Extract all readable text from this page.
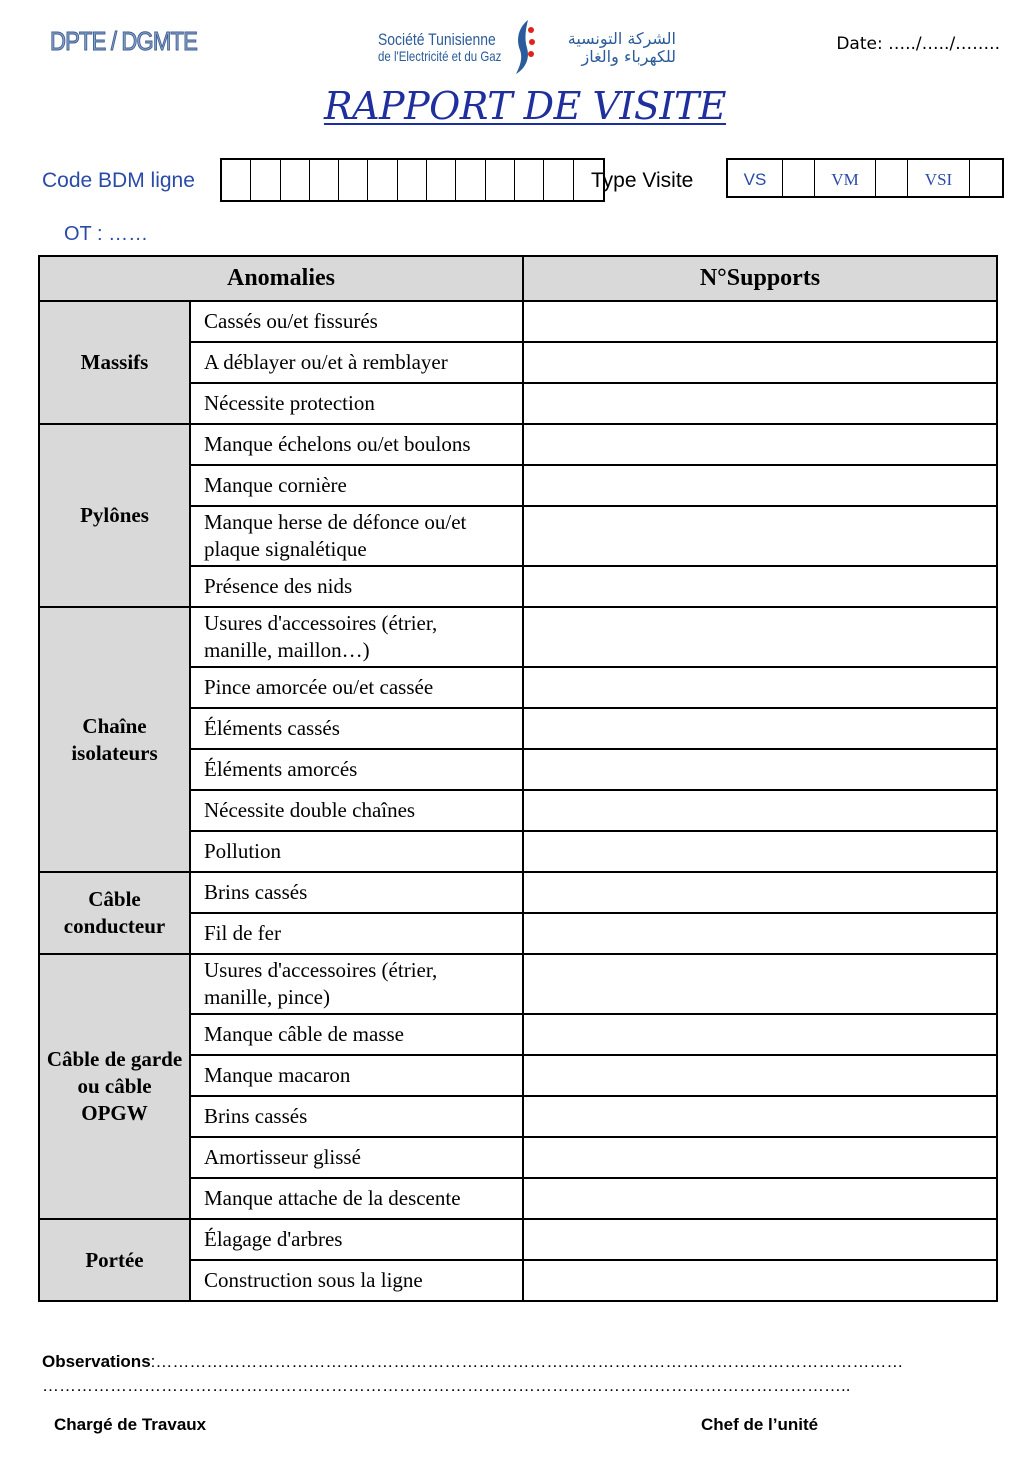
DPTE / DGMTE	Société Tunisienne
de l'Electricité et du Gaz
الشركة التونسية
للكهرباء والغاز
Date: …../…../……..
RAPPORT DE VISITE
Code BDM ligne	Type Visite	VS	VM	VSI
OT : ……
Anomalies		N°Supports
Massifs	Cassés ou/et fissurés	
	A déblayer ou/et à remblayer	
	Nécessite protection	
Pylônes	Manque échelons ou/et boulons	
	Manque cornière	
	Manque herse de défonce ou/et plaque signalétique	
	Présence des nids	
Chaîne isolateurs	Usures d'accessoires (étrier, manille, maillon…)	
	Pince amorcée ou/et cassée	
	Éléments cassés	
	Éléments amorcés	
	Nécessite double chaînes	
	Pollution	
Câble conducteur	Brins cassés	
	Fil de fer	
Câble de garde ou câble OPGW	Usures d'accessoires (étrier, manille, pince)	
	Manque câble de masse	
	Manque macaron	
	Brins cassés	
	Amortisseur glissé	
	Manque attache de la descente	
Portée	Élagage d'arbres	
	Construction sous la ligne	
Observations:……………………………………………………………………………………………………………………
……………………………………………………………………………………………………………………………..
Chargé de Travaux	Chef de l’unité
